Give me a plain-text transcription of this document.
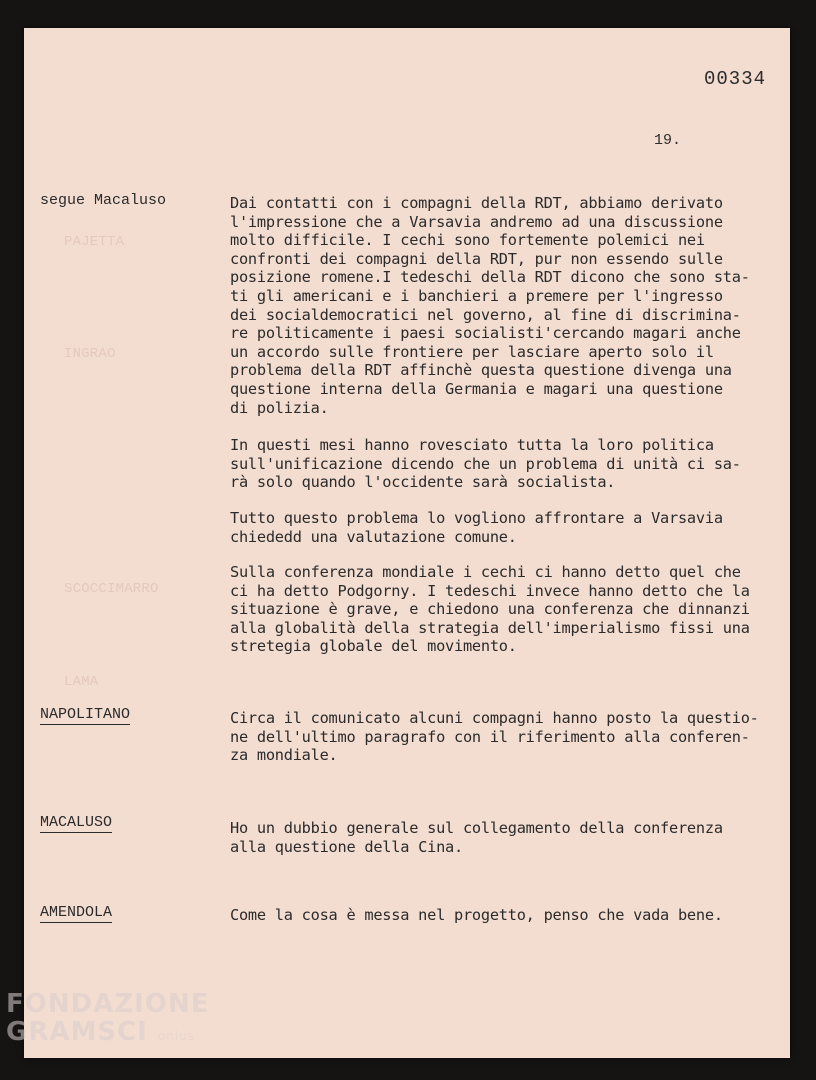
PAJETTA
INGRAO
SCOCCIMARRO
LAMA
00334
19.
segue Macaluso	Dai contatti con i compagni della RDT, abbiamo derivato
l'impressione che a Varsavia andremo ad una discussione
molto difficile. I cechi sono fortemente polemici nei
confronti dei compagni della RDT, pur non essendo sulle
posizione romene.I tedeschi della RDT dicono che sono sta-
ti gli americani e i banchieri a premere per l'ingresso
dei socialdemocratici nel governo, al fine di discrimina-
re politicamente i paesi socialisti'cercando magari anche
un accordo sulle frontiere per lasciare aperto solo il
problema della RDT affinchè questa questione divenga una
questione interna della Germania e magari una questione
di polizia.
In questi mesi hanno rovesciato tutta la loro politica
sull'unificazione dicendo che un problema di unità ci sa-
rà solo quando l'occidente sarà socialista.
Tutto questo problema lo vogliono affrontare a Varsavia
chiededd una valutazione comune.
Sulla conferenza mondiale i cechi ci hanno detto quel che
ci ha detto Podgorny. I tedeschi invece hanno detto che la
situazione è grave, e chiedono una conferenza che dinnanzi
alla globalità della strategia dell'imperialismo fissi una
stretegia globale del movimento.
NAPOLITANO	Circa il comunicato alcuni compagni hanno posto la questio-
ne dell'ultimo paragrafo con il riferimento alla conferen-
za mondiale.
MACALUSO	Ho un dubbio generale sul collegamento della conferenza
alla questione della Cina.
AMENDOLA	Come la cosa è messa nel progetto, penso che vada bene.
FONDAZIONE
GRAMSCI onlus
